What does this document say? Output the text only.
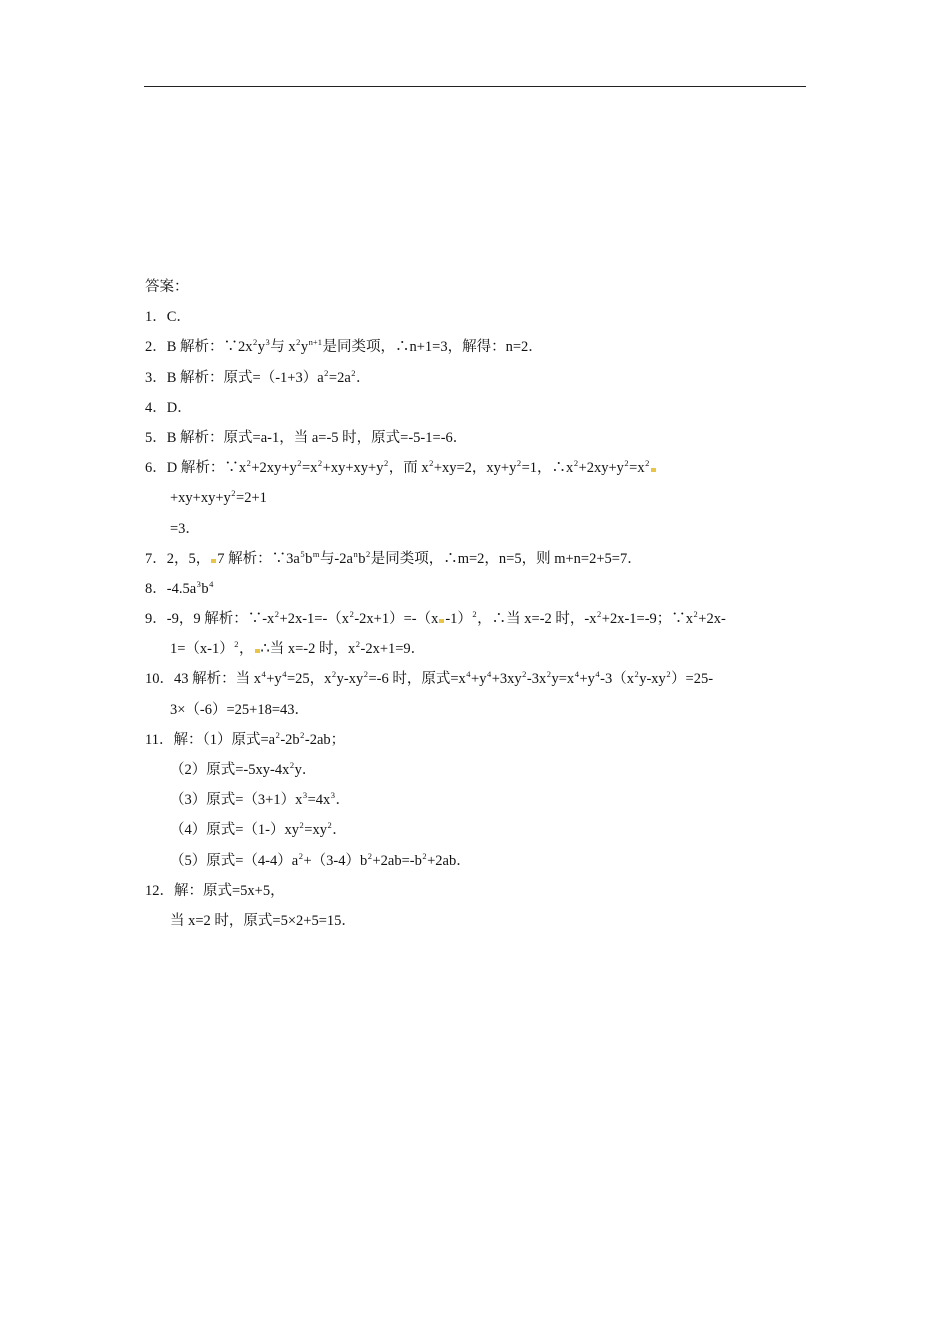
答案：
1．C．
2．B 解析：$\because 2x^2y^3$与 $x^2y^{n+1}$是同类项，∴n+1=3，解得：n=2．
3．B 解析：原式$=(-1+3)a^2=2a^2$．
4．D．
5．B 解析：原式=a-1，当 a=-5 时，原式=-5-1=-6．
6．D 解析：$\because x^2+2xy+y^2=x^2+xy+xy+y^2$，而 $x^2+xy=2$，$xy+y^2=1$，$\therefore x^2+2xy+y^2=x^2$
$+xy+xy+y^2=2+1$
=3．
7．2，5， 7 解析：$\because 3a^5b^m$与$-2a^nb^2$是同类项，∴m=2，n=5，则 m+n=2+5=7．
8．$-4.5a^3b^4$
9．-9，9 解析：$\because-x^2+2x-1=-(x^2-2x+1)=-(x$ -1）$^2$，∴当 x=-2 时，$-x^2+2x-1=-9$；$\because x^2+2x-$
$1=(x-1)^2$， ∴当 x=-2 时，$x^2-2x+1=9$．
10．43 解析：当 $x^4+y^4=25$，$x^2y-xy^2=-6$ 时，原式$=x^4+y^4+3xy^2-3x^2y=x^4+y^4-3(x^2y-xy^2)=25-$
3×（-6）=25+18=43．
11．解：（1）原式$=a^2-2b^2-2ab$；
（2）原式$=-5xy-4x^2y$．
（3）原式$=(3+1)x^3=4x^3$．
（4）原式$=(1-)xy^2=xy^2$．
（5）原式$=(4-4)a^2+(3-4)b^2+2ab=-b^2+2ab$．
12．解：原式=5x+5，
当 x=2 时，原式=5×2+5=15．
